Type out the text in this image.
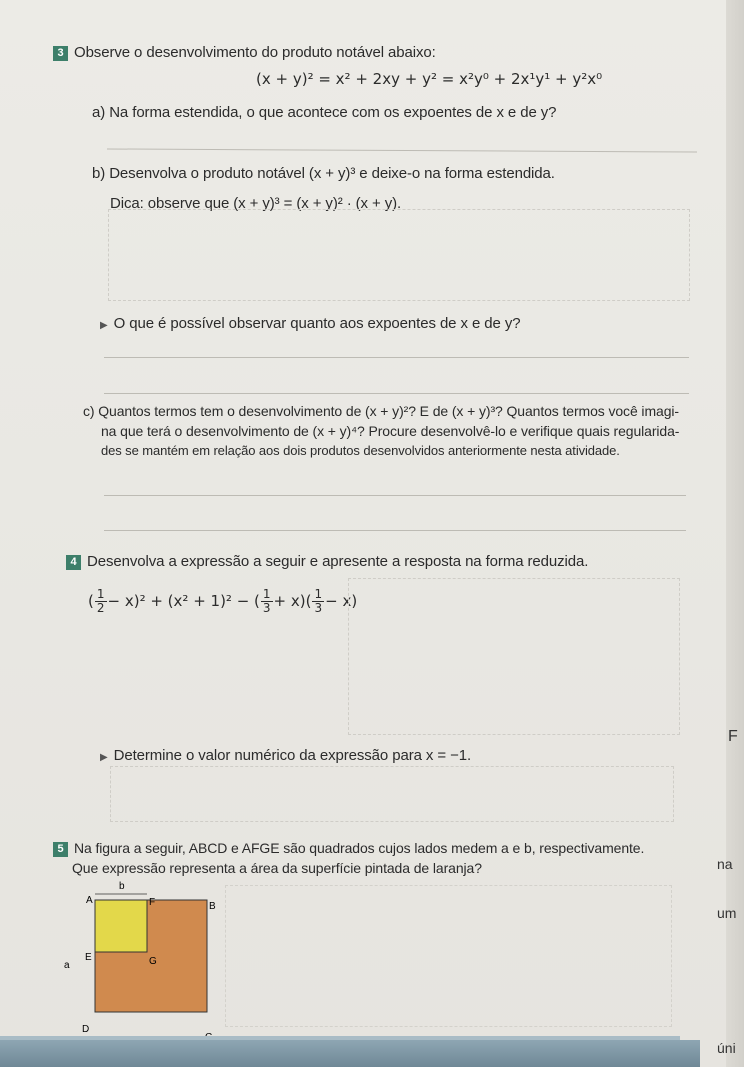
3 Observe o desenvolvimento do produto notável abaixo:
(x + y)² = x² + 2xy + y² = x²y⁰ + 2x¹y¹ + y²x⁰
a) Na forma estendida, o que acontece com os expoentes de x e de y?
b) Desenvolva o produto notável (x + y)³ e deixe-o na forma estendida.
Dica: observe que (x + y)³ = (x + y)² · (x + y).
▶ O que é possível observar quanto aos expoentes de x e de y?
c) Quantos termos tem o desenvolvimento de (x + y)²? E de (x + y)³? Quantos termos você imagi-
na que terá o desenvolvimento de (x + y)⁴? Procure desenvolvê-lo e verifique quais regularida-
des se mantém em relação aos dois produtos desenvolvidos anteriormente nesta atividade.
4 Desenvolva a expressão a seguir e apresente a resposta na forma reduzida.
( $\frac{1}{2} - x)^2 + (x^2 + 1)^2$ − ( $\frac{1}{3} + x)( \frac{1}{3} - x)$
▶ Determine o valor numérico da expressão para x = −1.
5 Na figura a seguir, ABCD e AFGE são quadrados cujos lados medem a e b, respectivamente.
Que expressão representa a área da superfície pintada de laranja?
b
A	F	B
a
E	G
D
F
na
um
úni
